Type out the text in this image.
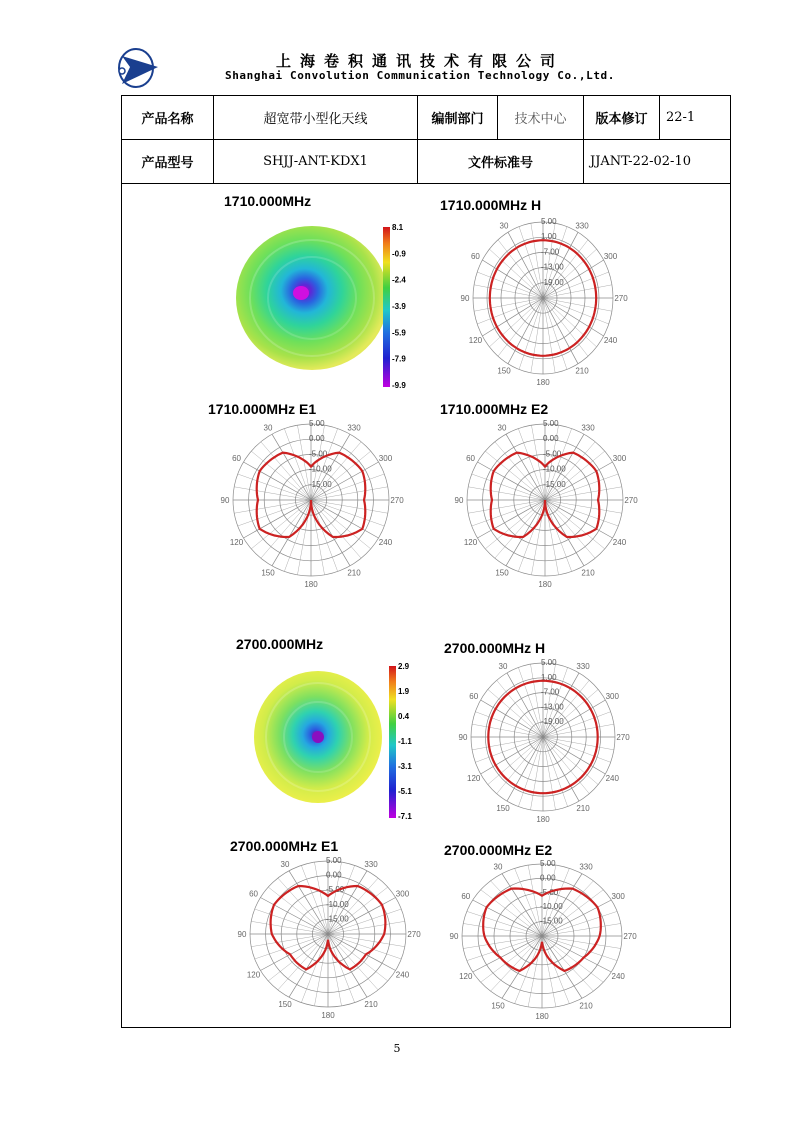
上海卷积通讯技术有限公司
Shanghai Convolution Communication Technology Co.,Ltd.
产品名称	超宽带小型化天线	编制部门	技术中心	版本修订	22-1
产品型号	SHJJ-ANT-KDX1	文件标准号		JJANT-22-02-10	
1710.000MHz	1710.000MHz H
1710.000MHz E1	1710.000MHz E2
2700.000MHz	2700.000MHz H
2700.000MHz E1	2700.000MHz E2
8.1
-0.9
-2.4
-3.9
-5.9
-7.9
-9.9
2.9
1.9
0.4
-1.1
-3.1
-5.1
-7.1
5.00
1.00
-7.00
-13.00
-19.00
30
60
90
120
150
180
210
240
270
300
330
5.00
0.00
-5.00
-10.00
-15.00
30
60
90
120
150
180
210
240
270
300
330	5.00
0.00
-5.00
-10.00
-15.00
30
60
90
120
150
180
210
240
270
300
330
5.00
1.00
-7.00
-13.00
-19.00
30
60
90
120
150
180
210
240
270
300
330
5.00
0.00
-5.00
-10.00
-15.00
30
60
90
120
150
180
210
240
270
300
330	5.00
0.00
-5.00
-10.00
-15.00
30
60
90
120
150
180
210
240
270
300
330
5
